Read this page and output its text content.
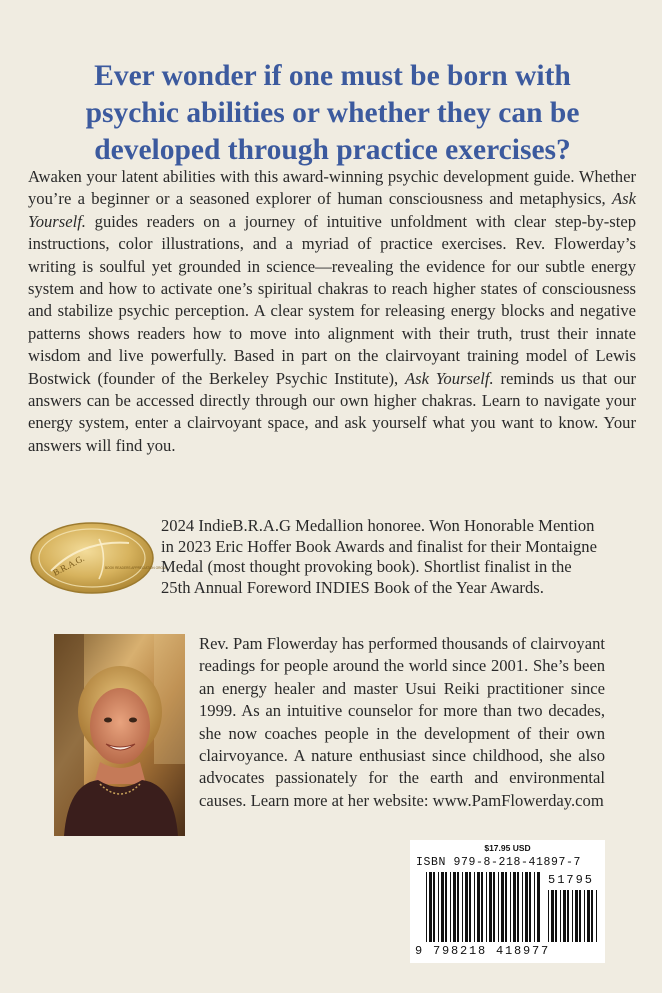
Ever wonder if one must be born with psychic abilities or whether they can be developed through practice exercises?

Awaken your latent abilities with this award-winning psychic development guide. Whether you’re a beginner or a seasoned explorer of human consciousness and metaphysics, Ask Yourself. guides readers on a journey of intuitive unfoldment with clear step-by-step instructions, color illustrations, and a myriad of practice exercises. Rev. Flowerday’s writing is soulful yet grounded in science—revealing the evidence for our subtle energy system and how to activate one’s spiritual chakras to reach higher states of consciousness and stabilize psychic perception. A clear system for releasing energy blocks and negative patterns shows readers how to move into alignment with their truth, trust their innate wisdom and live powerfully. Based in part on the clairvoyant training model of Lewis Bostwick (founder of the Berkeley Psychic Institute), Ask Yourself. reminds us that our answers can be accessed directly through our own higher chakras. Learn to navigate your energy system, enter a clairvoyant space, and ask yourself what you want to know. Your answers will find you.

B.R.A.G.	BOOK READERS APPRECIATION GROUP

2024 IndieB.R.A.G Medallion honoree. Won Honorable Mention in 2023 Eric Hoffer Book Awards and finalist for their Montaigne Medal (most thought provoking book). Shortlist finalist in the 25th Annual Foreword INDIES Book of the Year Awards.

Rev. Pam Flowerday has performed thousands of clairvoyant readings for people around the world since 2001. She’s been an energy healer and master Usui Reiki practitioner since 1999. As an intuitive counselor for more than two decades, she now coaches people in the development of their own clairvoyance. A nature enthusiast since childhood, she also advocates passionately for the earth and environmental causes. Learn more at her website: www.PamFlowerday.com

$17.95 USD
ISBN 979-8-218-41897-7
51795
9 798218 418977
